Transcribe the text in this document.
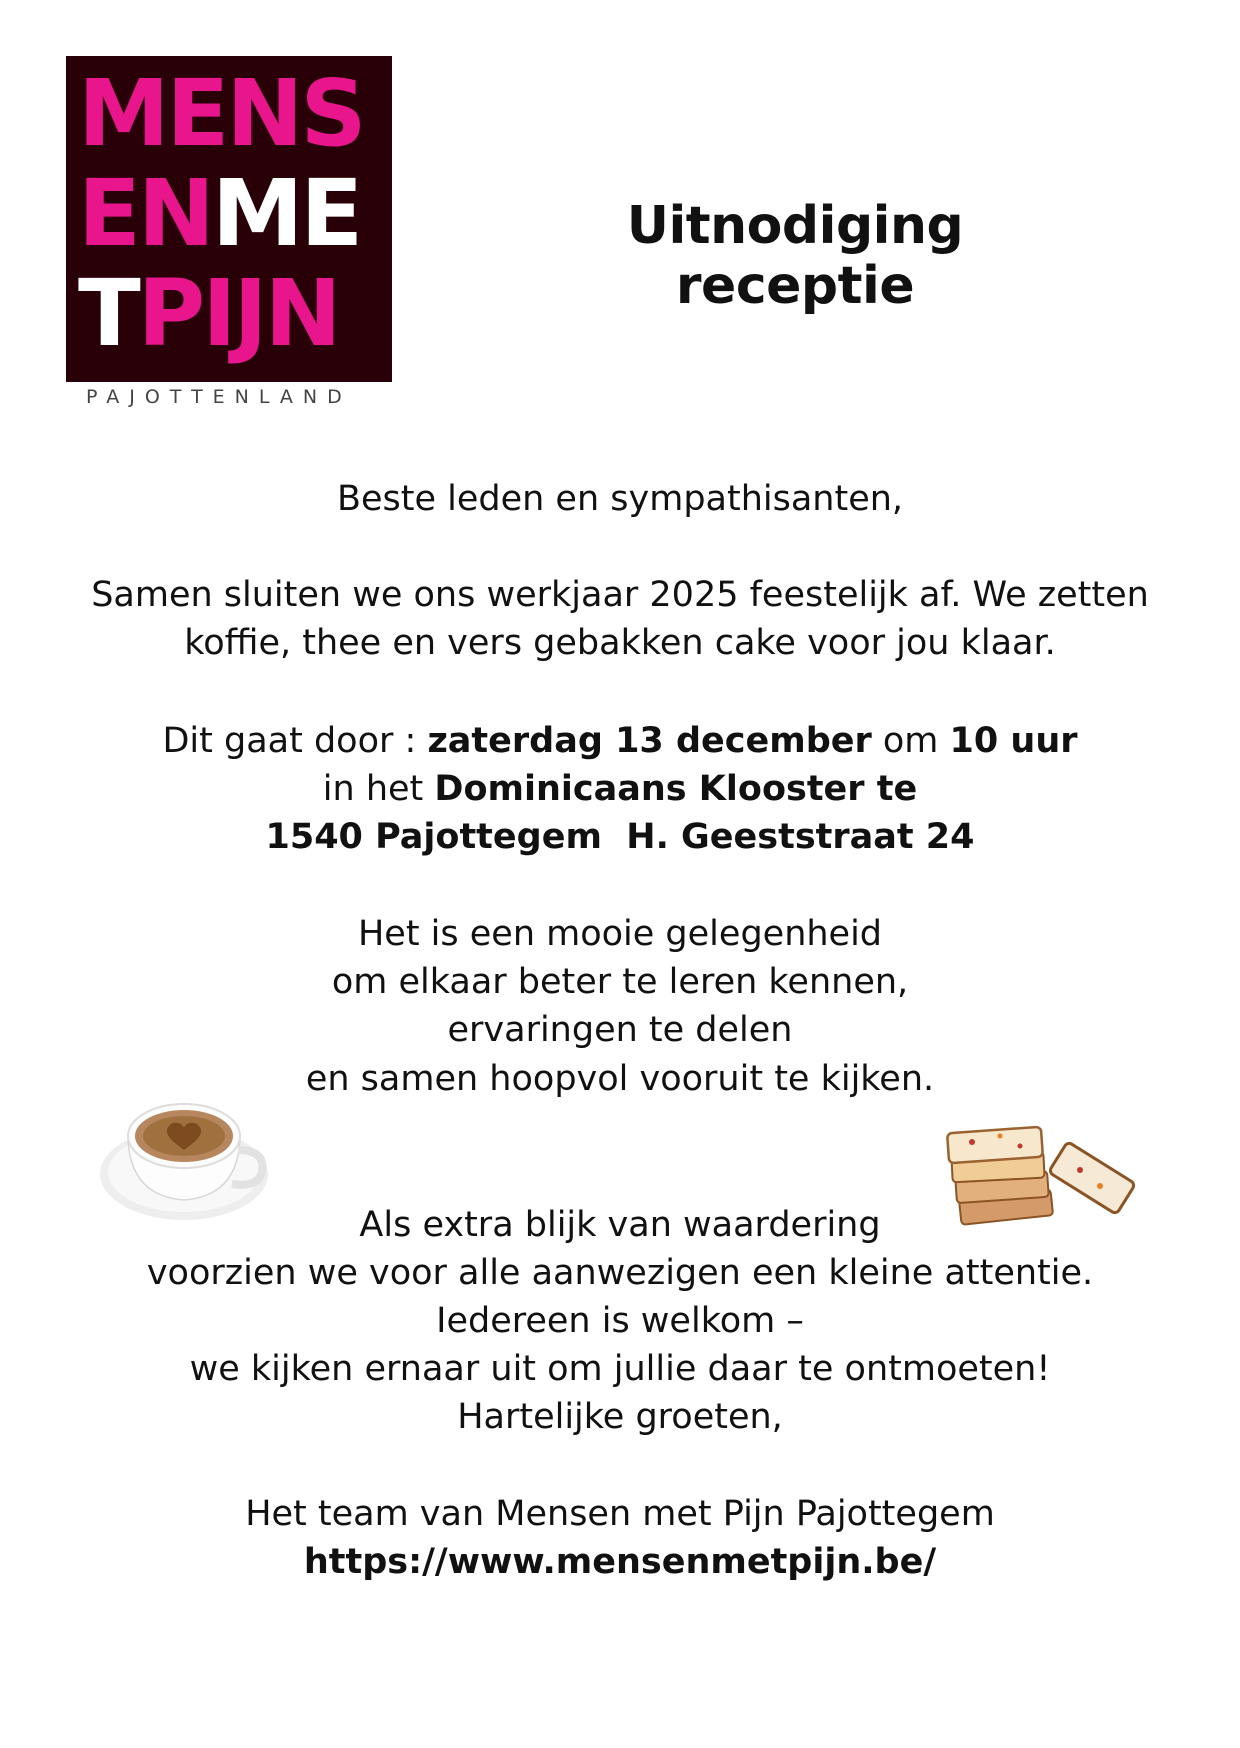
MENS
ENME
TPIJN
PAJOTTENLAND
Uitnodiging receptie
Beste leden en sympathisanten,
Samen sluiten we ons werkjaar 2025 feestelijk af. We zetten
koffie, thee en vers gebakken cake voor jou klaar.
Dit gaat door : zaterdag 13 december om 10 uur
in het Dominicaans Klooster te
1540 Pajottegem  H. Geeststraat 24
Het is een mooie gelegenheid
om elkaar beter te leren kennen,
ervaringen te delen
en samen hoopvol vooruit te kijken.
Als extra blijk van waardering
voorzien we voor alle aanwezigen een kleine attentie.
Iedereen is welkom –
we kijken ernaar uit om jullie daar te ontmoeten!
Hartelijke groeten,
Het team van Mensen met Pijn Pajottegem
https://www.mensenmetpijn.be/
